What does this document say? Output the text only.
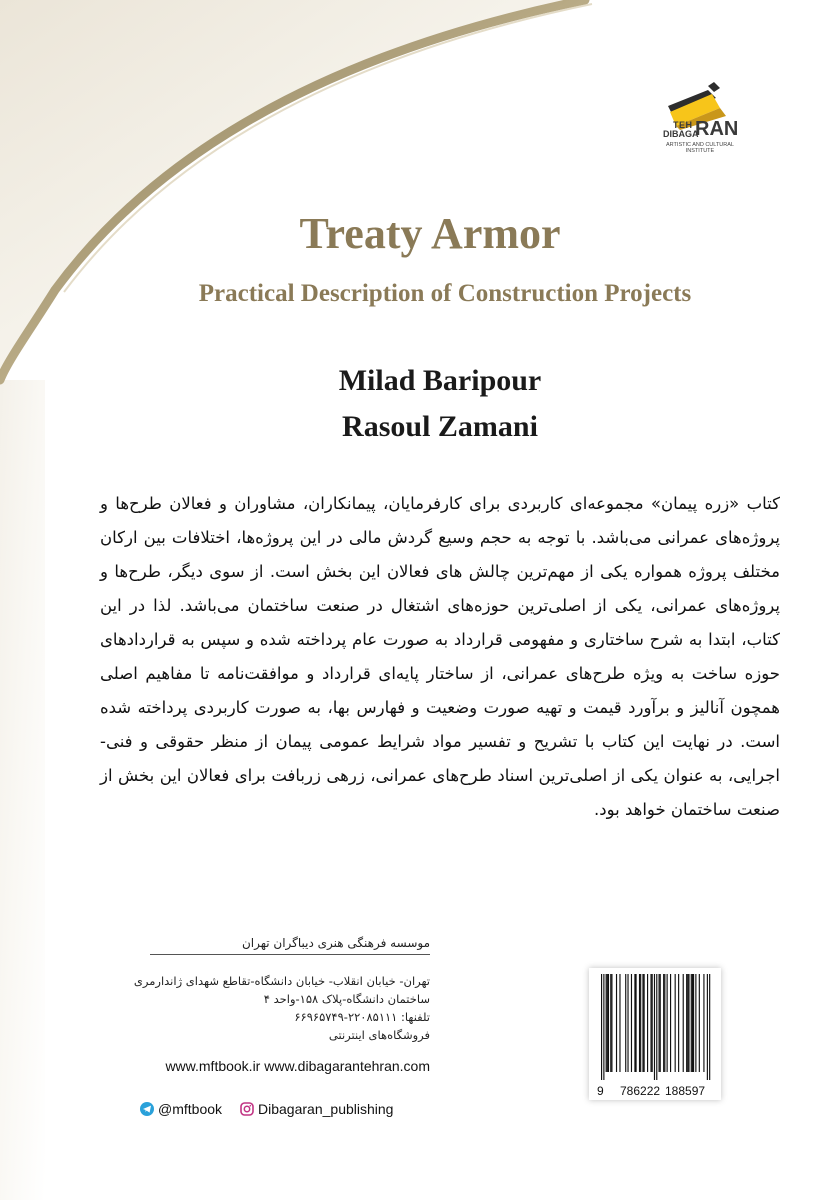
TEH
DIBAGA
RAN
ARTISTIC AND CULTURAL INSTITUTE
Treaty Armor
Practical Description of Construction Projects
Milad Baripour
Rasoul Zamani
کتاب «زره پیمان» مجموعه‌ای کاربردی برای کارفرمایان، پیمانکاران، مشاوران و فعالان طرح‌ها و پروژه‌های عمرانی می‌باشد. با توجه به حجم وسیع گردش مالی در این پروژه‌ها، اختلافات بین ارکان مختلف پروژه همواره یکی از مهم‌ترین چالش های فعالان این بخش است. از سوی دیگر، طرح‌ها و پروژه‌های عمرانی، یکی از اصلی‌ترین حوزه‌های اشتغال در صنعت ساختمان می‌باشد. لذا در این کتاب، ابتدا به شرح ساختاری و مفهومی قرارداد به صورت عام پرداخته شده و سپس به قراردادهای حوزه ساخت به ویژه طرح‌های عمرانی، از ساختار پایه‌ای قرارداد و موافقت‌نامه تا مفاهیم اصلی همچون آنالیز و برآورد قیمت و تهیه صورت وضعیت و فهارس بها، به صورت کاربردی پرداخته شده است. در نهایت این کتاب با تشریح و تفسیر مواد شرایط عمومی پیمان از منظر حقوقی و فنی-اجرایی، به عنوان یکی از اصلی‌ترین اسناد طرح‌های عمرانی، زرهی زربافت برای فعالان این بخش از صنعت ساختمان خواهد بود.
موسسه فرهنگی هنری دیباگران تهران
تهران- خیابان انقلاب- خیابان دانشگاه-تقاطع شهدای ژاندارمری
ساختمان دانشگاه-پلاک ۱۵۸-واحد ۴
تلفنها: ۲۲۰۸۵۱۱۱-۶۶۹۶۵۷۴۹
فروشگاه‌های اینترنتی
www.mftbook.ir www.dibagarantehran.com
@mftbook	Dibagaran_publishing
9 786222 188597
